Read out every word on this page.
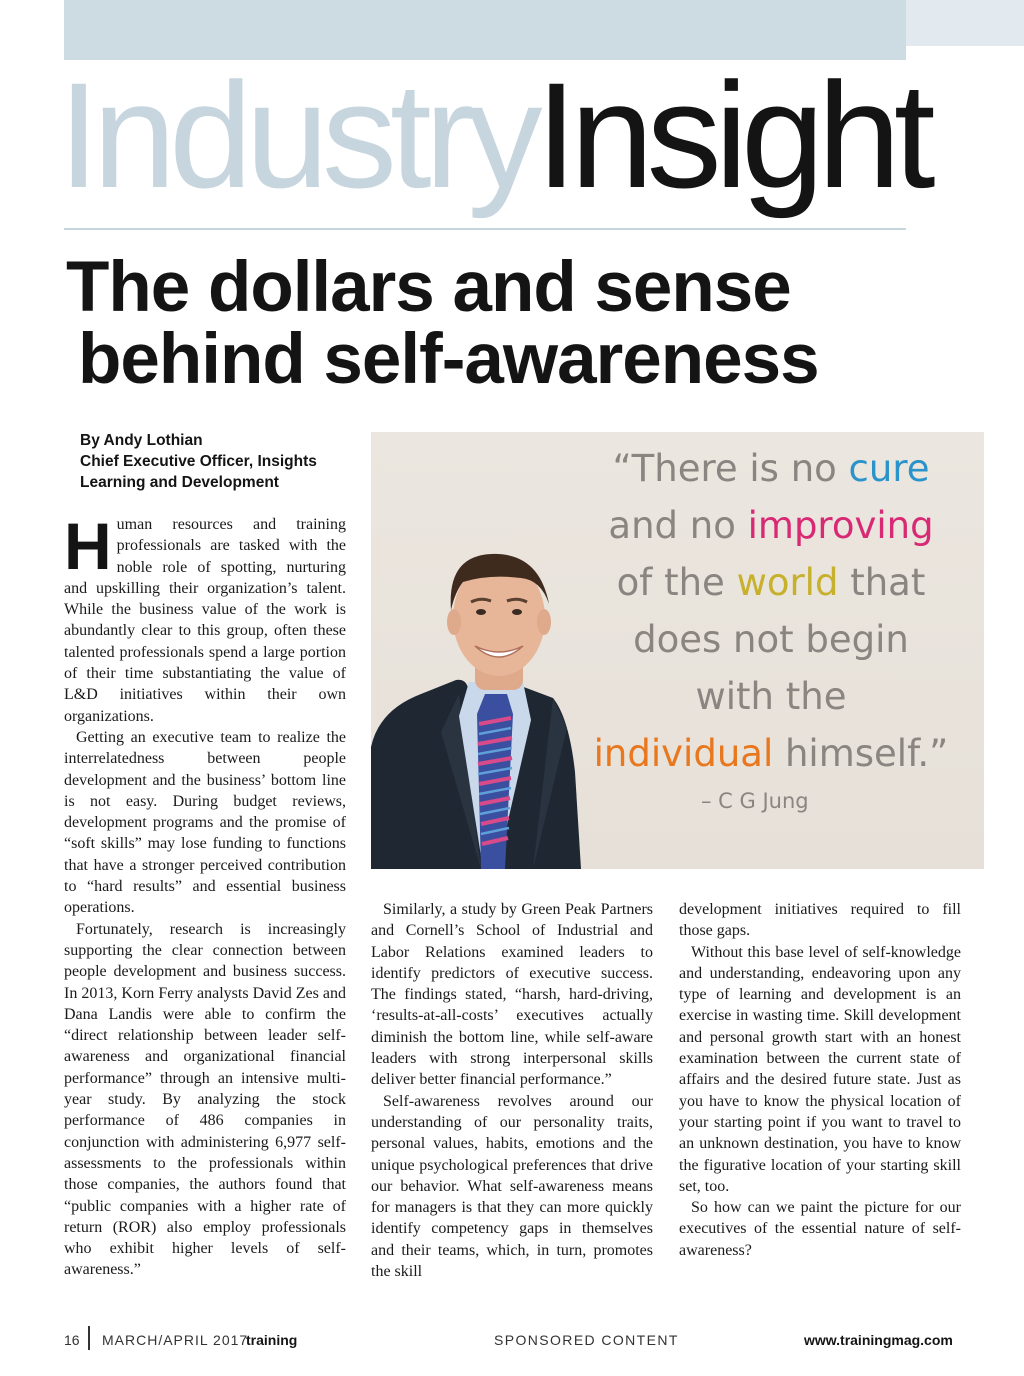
IndustryInsight
The dollars and sense
behind self-awareness
By Andy Lothian
Chief Executive Officer, Insights
Learning and Development	“There is no cure
and no improving
of the world that
does not begin
with the
individual himself.”
– C G Jung
H uman resources and training professionals are tasked with the noble role of spotting, nurturing and upskilling their organization’s talent. While the business value of the work is abundantly clear to this group, often these talented professionals spend a large portion of their time substantiating the value of L&D initiatives within their own organizations.

Getting an executive team to realize the interrelatedness between people development and the business’ bottom line is not easy. During budget reviews, development programs and the promise of “soft skills” may lose funding to functions that have a stronger perceived contribution to “hard results” and essential business operations.

Fortunately, research is increasingly supporting the clear connection between people development and business success. In 2013, Korn Ferry analysts David Zes and Dana Landis were able to confirm the “direct relationship between leader self-awareness and organizational financial performance” through an intensive multi-year study. By analyzing the stock performance of 486 companies in conjunction with administering 6,977 self-assessments to the professionals within those companies, the authors found that “public companies with a higher rate of return (ROR) also employ professionals who exhibit higher levels of self-awareness.”

Similarly, a study by Green Peak Partners and Cornell’s School of Industrial and Labor Relations examined leaders to identify predictors of executive success. The findings stated, “harsh, hard-driving, ‘results-at-all-costs’ executives actually diminish the bottom line, while self-aware leaders with strong interpersonal skills deliver better financial performance.”

Self-awareness revolves around our understanding of our personality traits, personal values, habits, emotions and the unique psychological preferences that drive our behavior. What self-awareness means for managers is that they can more quickly identify competency gaps in themselves and their teams, which, in turn, promotes the skill

development initiatives required to fill those gaps.

Without this base level of self-knowledge and understanding, endeavoring upon any type of learning and development is an exercise in wasting time. Skill development and personal growth start with an honest examination between the current state of affairs and the desired future state. Just as you have to know the physical location of your starting point if you want to travel to an unknown destination, you have to know the figurative location of your starting skill set, too.

So how can we paint the picture for our executives of the essential nature of self-awareness?

16 MARCH/APRIL 2017
training	SPONSORED CONTENT	www.trainingmag.com
